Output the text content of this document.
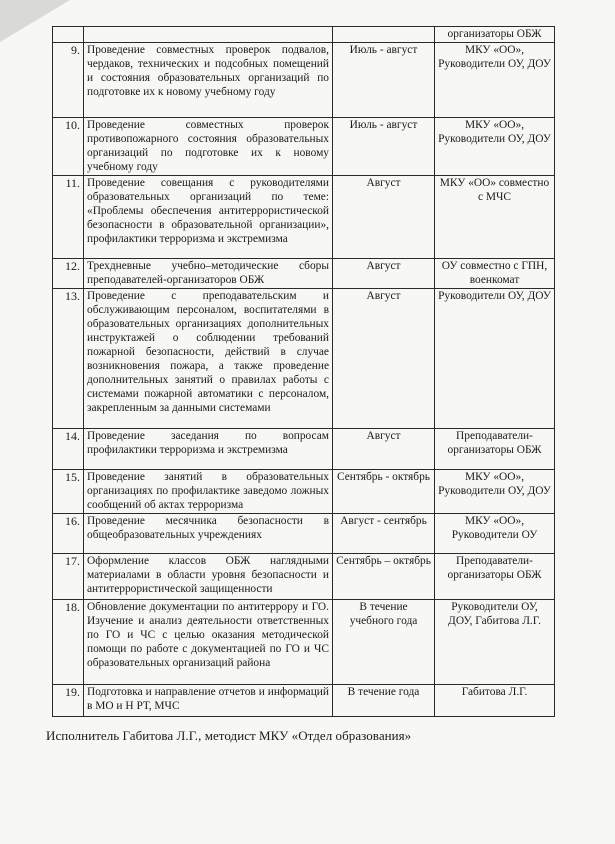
			организаторы ОБЖ
9.	Проведение совместных проверок подвалов, чердаков, технических и подсобных помещений и состояния образовательных организаций по подготовке их к новому учебному году	Июль - август	МКУ «ОО», Руководители ОУ, ДОУ
10.	Проведение совместных проверок противопожарного состояния образовательных организаций по подготовке их к новому учебному году	Июль - август	МКУ «ОО», Руководители ОУ, ДОУ
11.	Проведение совещания с руководителями образовательных организаций по теме: «Проблемы обеспечения антитеррористической безопасности в образовательной организации», профилактики терроризма и экстремизма	Август	МКУ «ОО» совместно с МЧС
12.	Трехдневные учебно–методические сборы преподавателей-организаторов ОБЖ	Август	ОУ совместно с ГПН, военкомат
13.	Проведение с преподавательским и обслуживающим персоналом, воспитателями в образовательных организациях дополнительных инструктажей о соблюдении требований пожарной безопасности, действий в случае возникновения пожара, а также проведение дополнительных занятий о правилах работы с системами пожарной автоматики с персоналом, закрепленным за данными системами	Август	Руководители ОУ, ДОУ
14.	Проведение заседания по вопросам профилактики терроризма и экстремизма	Август	Преподаватели-организаторы ОБЖ
15.	Проведение занятий в образовательных организациях по профилактике заведомо ложных сообщений об актах терроризма	Сентябрь - октябрь	МКУ «ОО», Руководители ОУ, ДОУ
16.	Проведение месячника безопасности в общеобразовательных учреждениях	Август - сентябрь	МКУ «ОО», Руководители ОУ
17.	Оформление классов ОБЖ наглядными материалами в области уровня безопасности и антитеррористической защищенности	Сентябрь – октябрь	Преподаватели-организаторы ОБЖ
18.	Обновление документации по антитеррору и ГО. Изучение и анализ деятельности ответственных по ГО и ЧС с целью оказания методической помощи по работе с документацией по ГО и ЧС образовательных организаций района	В течение учебного года	Руководители ОУ, ДОУ, Габитова Л.Г.
19.	Подготовка и направление отчетов и информаций в МО и Н РТ, МЧС	В течение года	Габитова Л.Г.
Исполнитель Габитова Л.Г., методист МКУ «Отдел образования»
